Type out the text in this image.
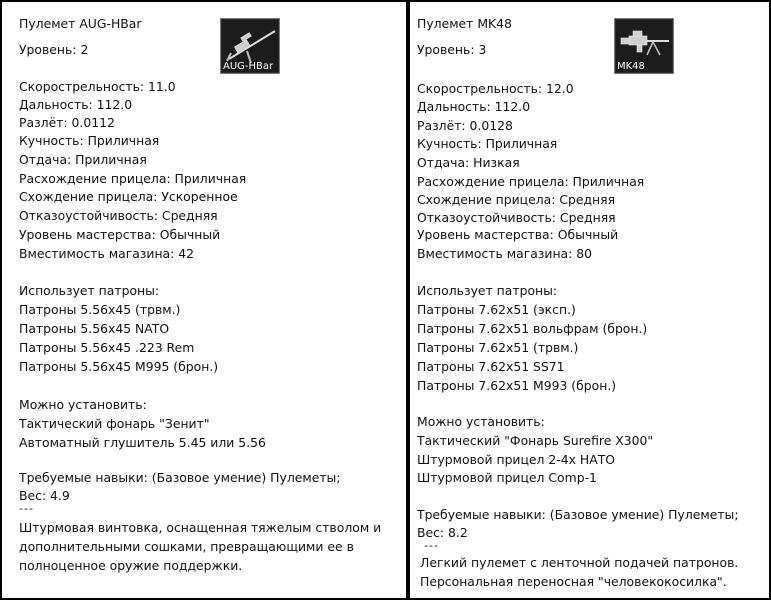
Пулемет AUG-HBar
Уровень: 2
AUG-HBar
Скорострельность: 11.0
Дальность: 112.0
Разлёт: 0.0112
Кучность: Приличная
Отдача: Приличная
Расхождение прицела: Приличная
Схождение прицела: Ускоренное
Отказоустойчивость: Средняя
Уровень мастерства: Обычный
Вместимость магазина: 42
Использует патроны:
Патроны 5.56x45 (трвм.)
Патроны 5.56x45 NATO
Патроны 5.56x45 .223 Rem
Патроны 5.56x45 M995 (брон.)
Можно установить:
Тактический фонарь "Зенит"
Автоматный глушитель 5.45 или 5.56
Требуемые навыки: (Базовое умение) Пулеметы;
Вес: 4.9
---
Штурмовая винтовка, оснащенная тяжелым стволом и
дополнительными сошками, превращающими ее в
полноценное оружие поддержки.
Пулемет MK48
Уровень: 3
MK48
Скорострельность: 12.0
Дальность: 112.0
Разлёт: 0.0128
Кучность: Приличная
Отдача: Низкая
Расхождение прицела: Приличная
Схождение прицела: Средняя
Отказоустойчивость: Средняя
Уровень мастерства: Обычный
Вместимость магазина: 80
Использует патроны:
Патроны 7.62x51 (эксп.)
Патроны 7.62x51 вольфрам (брон.)
Патроны 7.62x51 (трвм.)
Патроны 7.62x51 SS71
Патроны 7.62x51 M993 (брон.)
Можно установить:
Тактический "Фонарь Surefire X300"
Штурмовой прицел 2-4x НАТО
Штурмовой прицел Comp-1
Требуемые навыки: (Базовое умение) Пулеметы;
Вес: 8.2
---
Легкий пулемет с ленточной подачей патронов.
Персональная переносная "человекокосилка".
